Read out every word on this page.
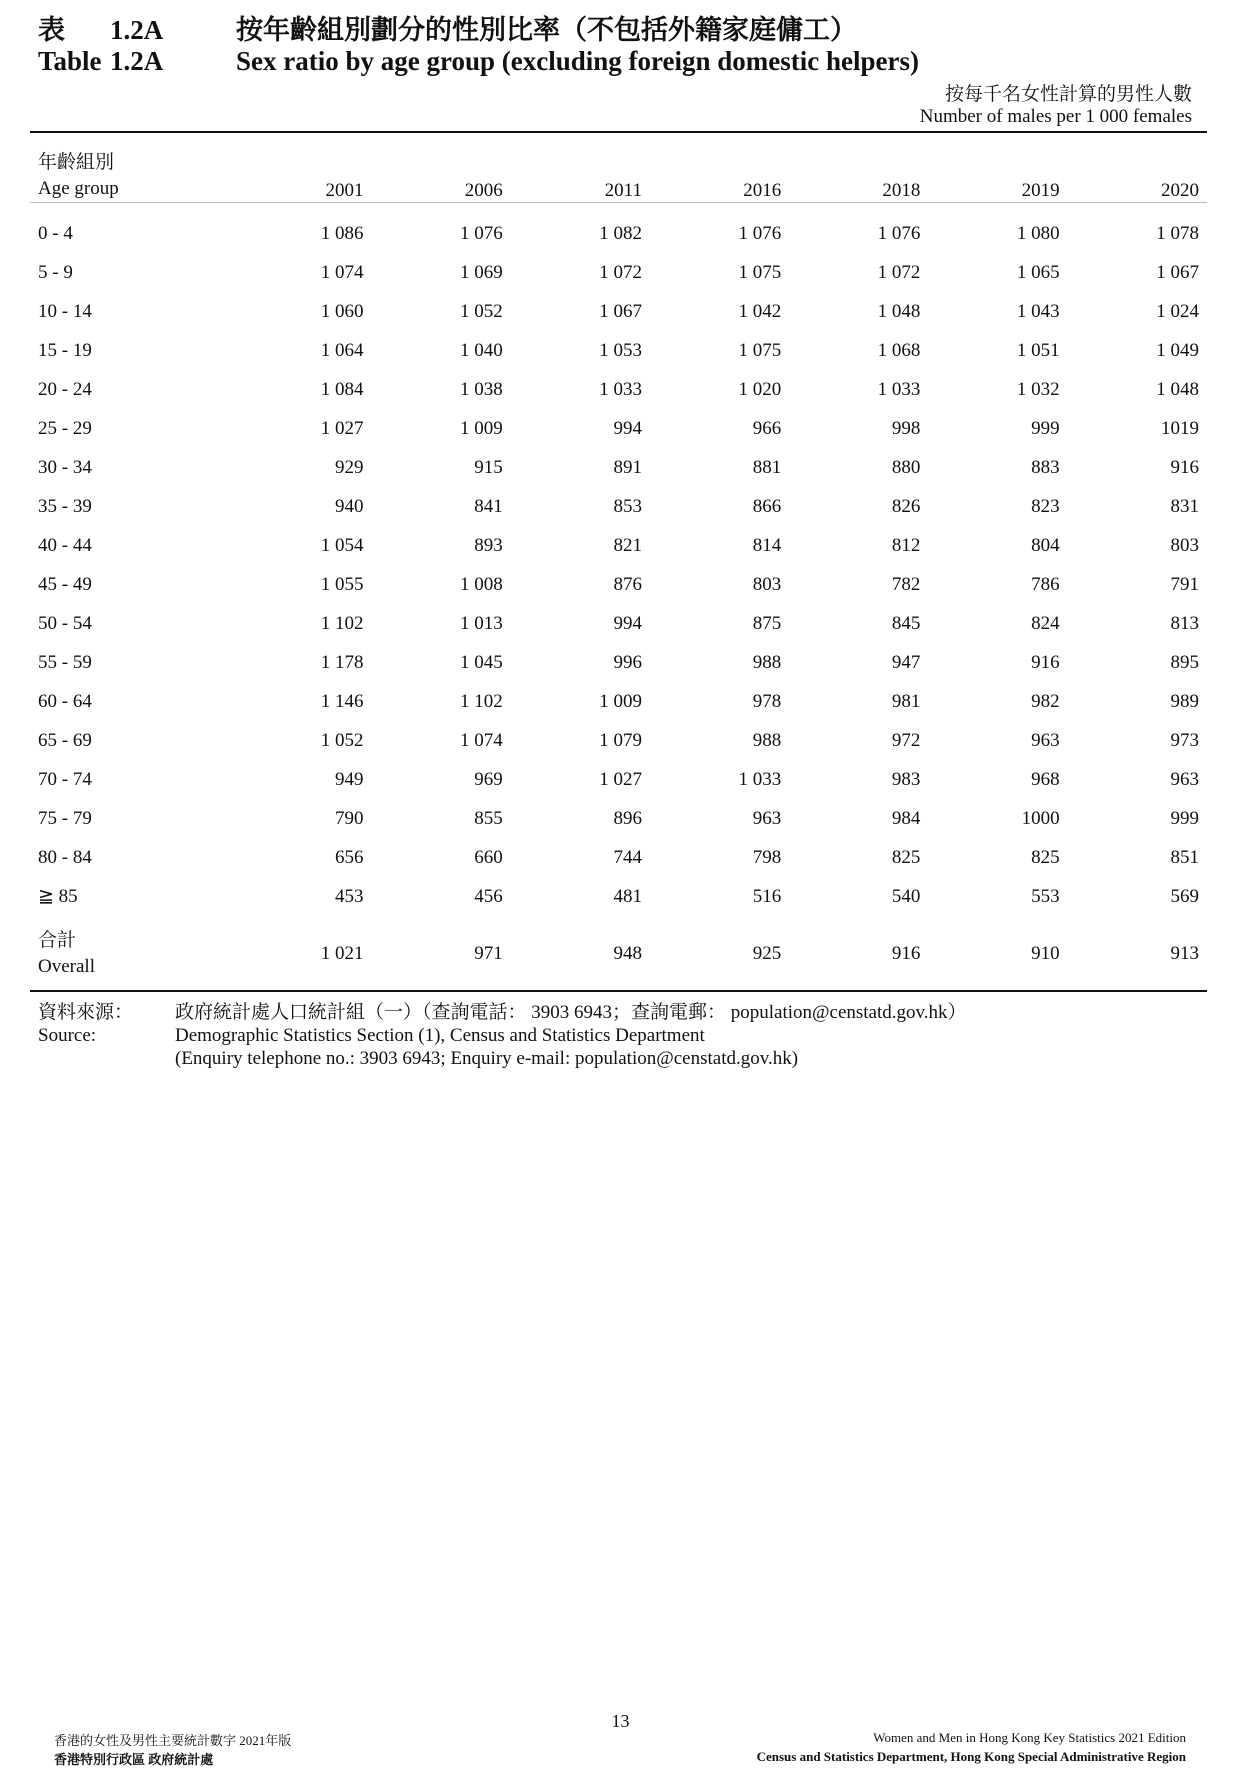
表 1.2A	按年齡組別劃分的性別比率（不包括外籍家庭傭工）
Table 1.2A	Sex ratio by age group (excluding foreign domestic helpers)
按每千名女性計算的男性人數
Number of males per 1 000 females
年齡組別
Age group	2001	2006	2011	2016	2018	2019	2020
0 - 4	1 086	1 076	1 082	1 076	1 076	1 080	1 078
5 - 9	1 074	1 069	1 072	1 075	1 072	1 065	1 067
10 - 14	1 060	1 052	1 067	1 042	1 048	1 043	1 024
15 - 19	1 064	1 040	1 053	1 075	1 068	1 051	1 049
20 - 24	1 084	1 038	1 033	1 020	1 033	1 032	1 048
25 - 29	1 027	1 009	994	966	998	999	1019
30 - 34	929	915	891	881	880	883	916
35 - 39	940	841	853	866	826	823	831
40 - 44	1 054	893	821	814	812	804	803
45 - 49	1 055	1 008	876	803	782	786	791
50 - 54	1 102	1 013	994	875	845	824	813
55 - 59	1 178	1 045	996	988	947	916	895
60 - 64	1 146	1 102	1 009	978	981	982	989
65 - 69	1 052	1 074	1 079	988	972	963	973
70 - 74	949	969	1 027	1 033	983	968	963
75 - 79	790	855	896	963	984	1000	999
80 - 84	656	660	744	798	825	825	851
≧ 85	453	456	481	516	540	553	569
合計
Overall	1 021	971	948	925	916	910	913
資料來源：
Source:
政府統計處人口統計組（一）（查詢電話： 3903 6943；查詢電郵： population@censtatd.gov.hk）
Demographic Statistics Section (1), Census and Statistics Department
(Enquiry telephone no.: 3903 6943; Enquiry e-mail: population@censtatd.gov.hk)
13
香港的女性及男性主要統計數字 2021年版
香港特別行政區 政府統計處
Women and Men in Hong Kong Key Statistics 2021 Edition
Census and Statistics Department, Hong Kong Special Administrative Region
